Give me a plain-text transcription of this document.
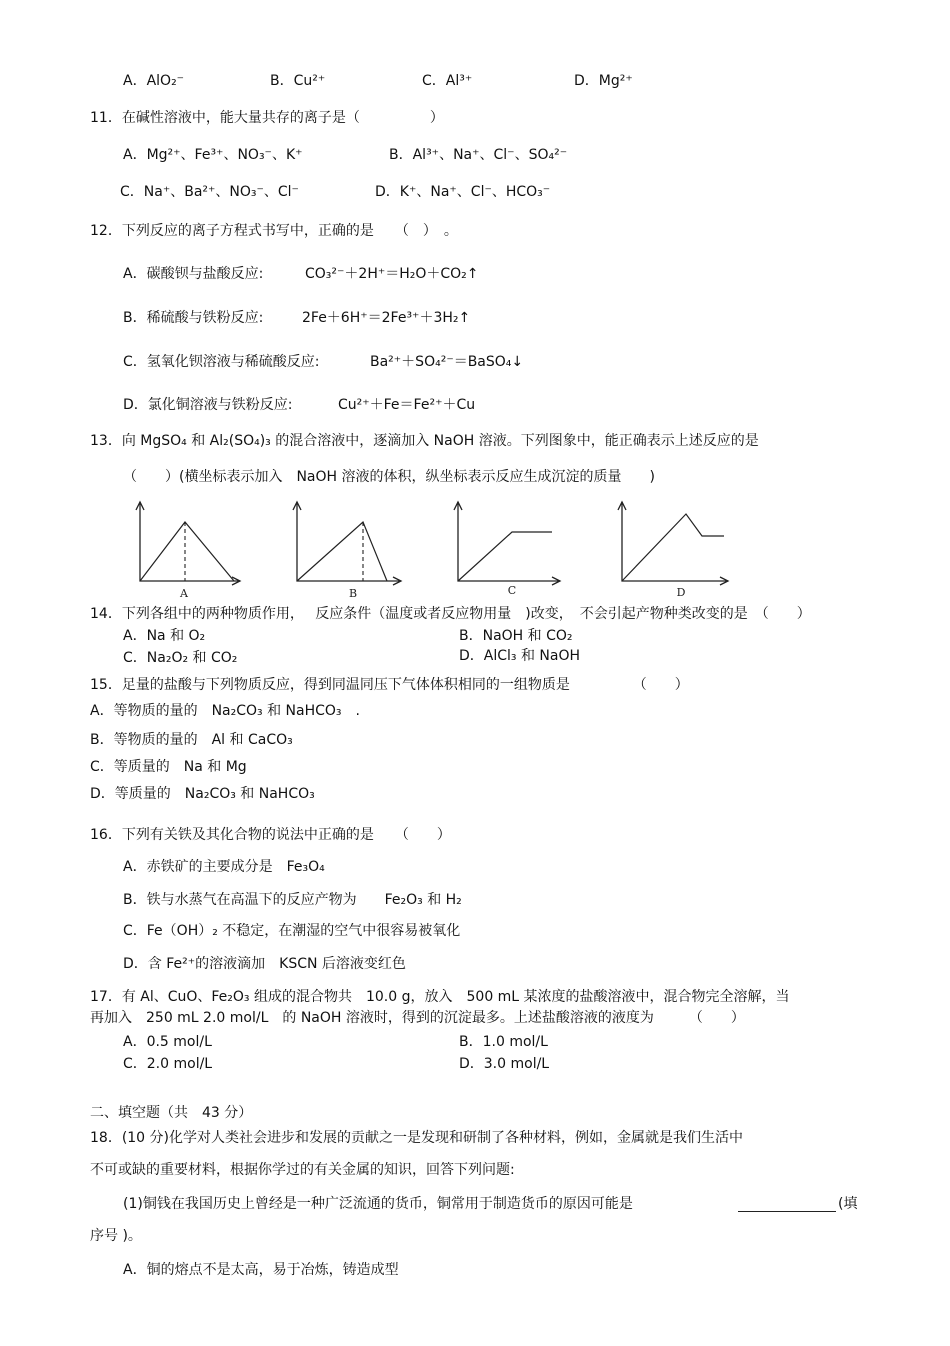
A．AlO₂⁻	B．Cu²⁺	C．Al³⁺	D．Mg²⁺
11．在碱性溶液中，能大量共存的离子是（　　　　　）
A．Mg²⁺、Fe³⁺、NO₃⁻、K⁺	B．Al³⁺、Na⁺、Cl⁻、SO₄²⁻
C．Na⁺、Ba²⁺、NO₃⁻、Cl⁻	D．K⁺、Na⁺、Cl⁻、HCO₃⁻
12．下列反应的离子方程式书写中，正确的是　　（　）　。
A．碳酸钡与盐酸反应:	CO₃²⁻＋2H⁺＝H₂O＋CO₂↑
B．稀硫酸与铁粉反应:	2Fe＋6H⁺＝2Fe³⁺＋3H₂↑
C．氢氧化钡溶液与稀硫酸反应:	Ba²⁺＋SO₄²⁻＝BaSO₄↓
D．氯化铜溶液与铁粉反应:	Cu²⁺＋Fe＝Fe²⁺＋Cu
13．向 MgSO₄ 和 Al₂(SO₄)₃ 的混合溶液中，逐滴加入 NaOH 溶液。下列图象中，能正确表示上述反应的是
（　　）(横坐标表示加入　NaOH 溶液的体积，纵坐标表示反应生成沉淀的质量　　)
A	B	C	D
14．下列各组中的两种物质作用，　 反应条件（温度或者反应物用量　)改变，　不会引起产物种类改变的是　（　　）
A．Na 和 O₂	B．NaOH 和 CO₂
C．Na₂O₂ 和 CO₂	D．AlCl₃ 和 NaOH
15．足量的盐酸与下列物质反应，得到同温同压下气体体积相同的一组物质是　　　　　（　　）
A．等物质的量的　Na₂CO₃ 和 NaHCO₃　.
B．等物质的量的　Al 和 CaCO₃
C．等质量的　Na 和 Mg
D．等质量的　Na₂CO₃ 和 NaHCO₃
16．下列有关铁及其化合物的说法中正确的是　　（　　）
A．赤铁矿的主要成分是　Fe₃O₄
B．铁与水蒸气在高温下的反应产物为　　Fe₂O₃ 和 H₂
C．Fe（OH）₂ 不稳定，在潮湿的空气中很容易被氧化
D．含 Fe²⁺的溶液滴加　KSCN 后溶液变红色
17．有 Al、CuO、Fe₂O₃ 组成的混合物共　10.0 g，放入　500 mL 某浓度的盐酸溶液中，混合物完全溶解，当
再加入　250 mL 2.0 mol/L　的 NaOH 溶液时，得到的沉淀最多。上述盐酸溶液的液度为　　　（　　）
A．0.5 mol/L	B．1.0 mol/L
C．2.0 mol/L	D．3.0 mol/L
二、填空题（共　43 分）
18．(10 分)化学对人类社会进步和发展的贡献之一是发现和研制了各种材料，例如，金属就是我们生活中
不可或缺的重要材料，根据你学过的有关金属的知识，回答下列问题:
(1)铜钱在我国历史上曾经是一种广泛流通的货币，铜常用于制造货币的原因可能是	(填
序号 )。
A．铜的熔点不是太高，易于冶炼，铸造成型
